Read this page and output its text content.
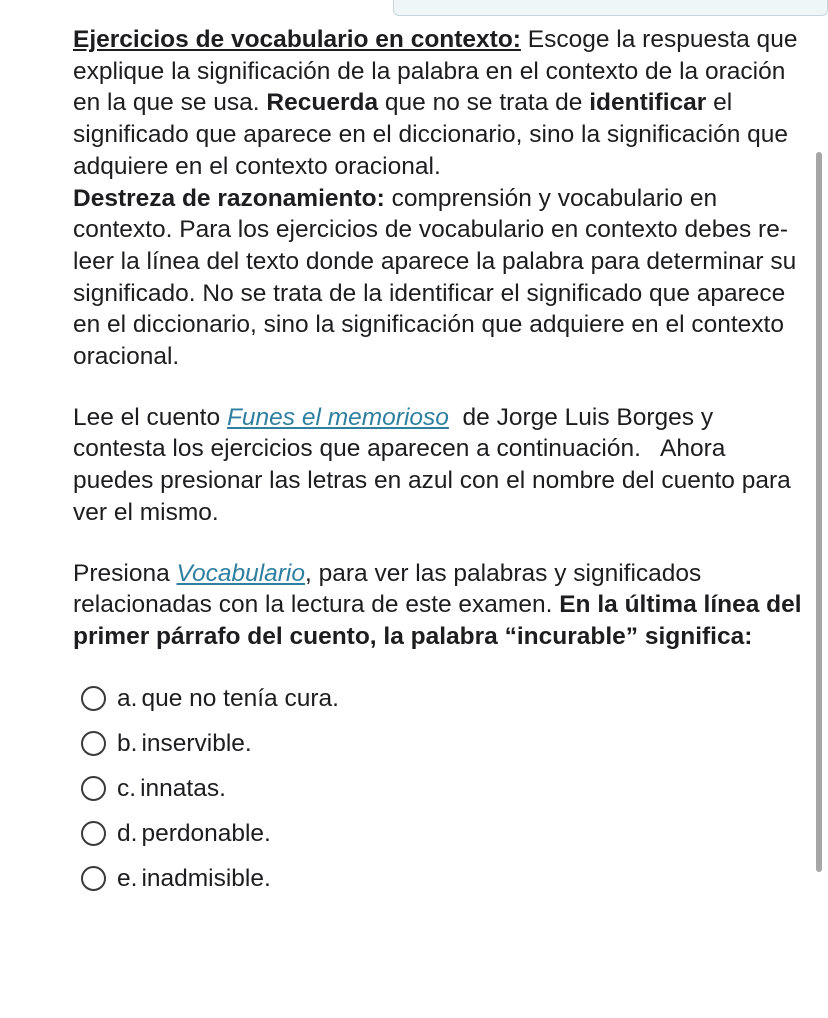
Ejercicios de vocabulario en contexto: Escoge la respuesta que explique la significación de la palabra en el contexto de la oración en la que se usa. Recuerda que no se trata de identificar el significado que aparece en el diccionario, sino la significación que adquiere en el contexto oracional.

Destreza de razonamiento: comprensión y vocabulario en contexto. Para los ejercicios de vocabulario en contexto debes re-leer la línea del texto donde aparece la palabra para determinar su significado. No se trata de la identificar el significado que aparece en el diccionario, sino la significación que adquiere en el contexto oracional.

Lee el cuento Funes el memorioso  de Jorge Luis Borges y contesta los ejercicios que aparecen a continuación.   Ahora puedes presionar las letras en azul con el nombre del cuento para ver el mismo.

Presiona Vocabulario, para ver las palabras y significados relacionadas con la lectura de este examen. En la última línea del primer párrafo del cuento, la palabra “incurable” significa:

a. que no tenía cura.
b. inservible.
c. innatas.
d. perdonable.
e. inadmisible.
